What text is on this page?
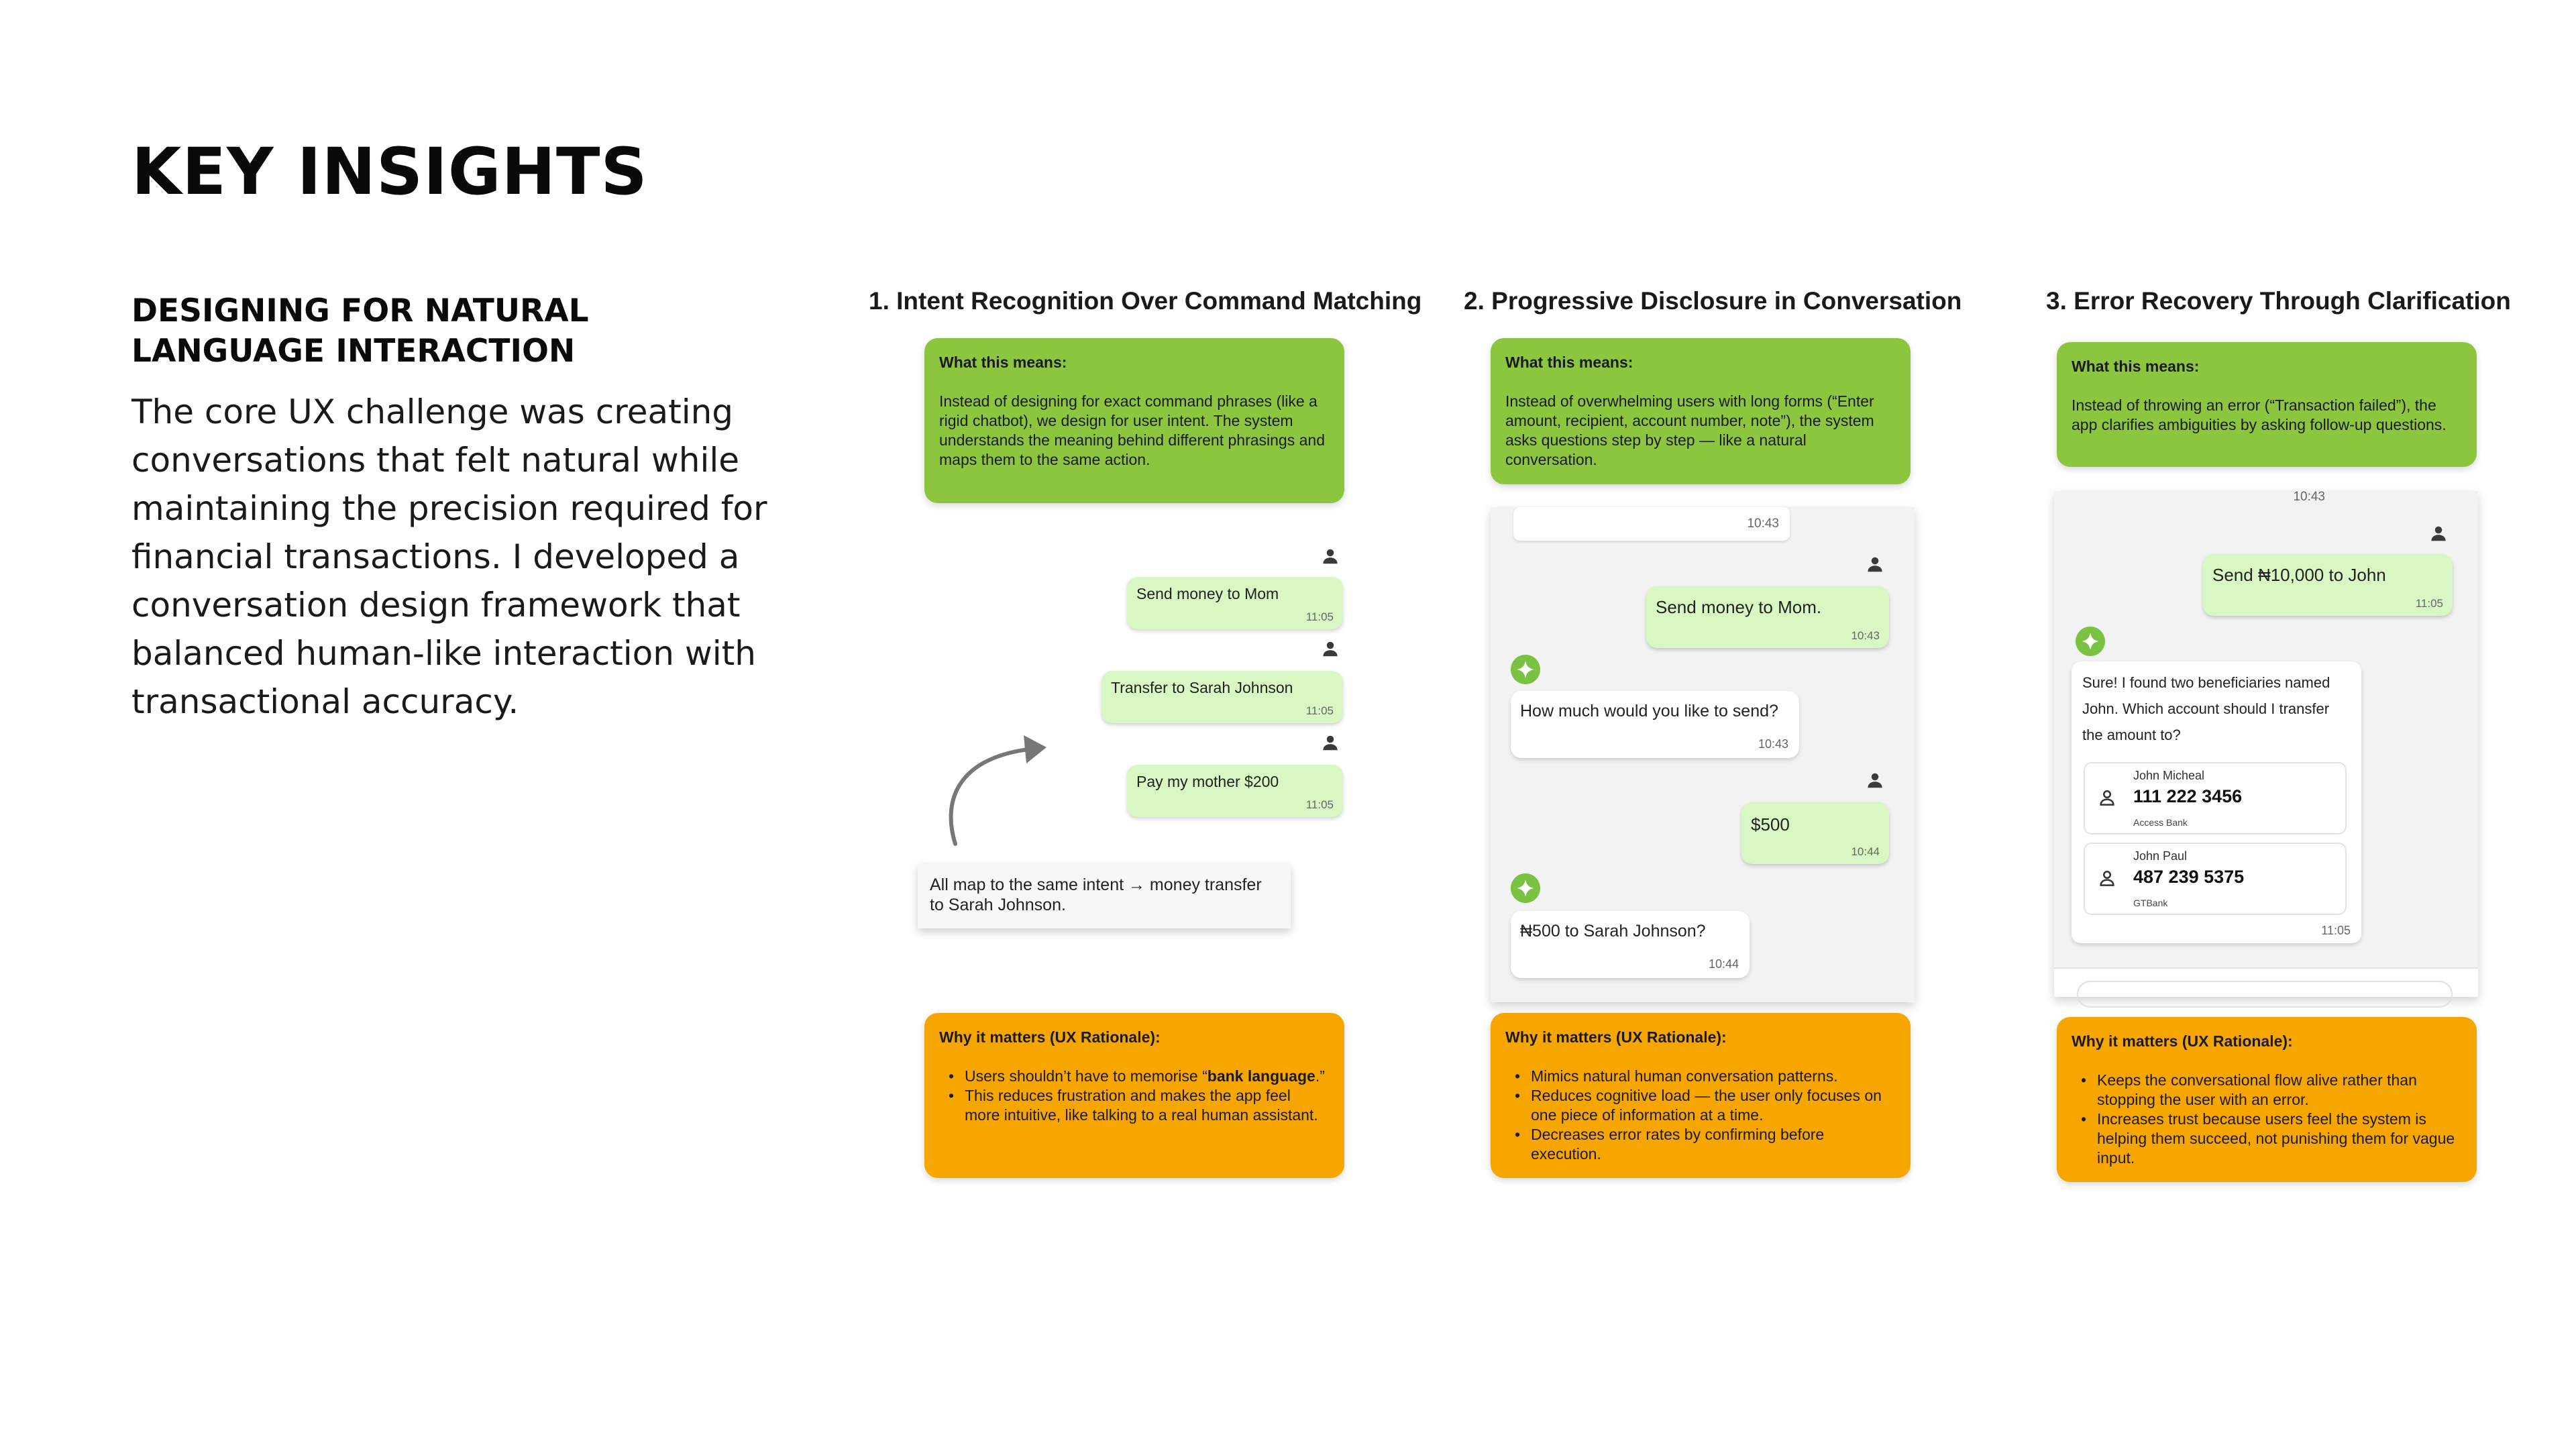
KEY INSIGHTS
DESIGNING FOR NATURAL LANGUAGE INTERACTION
The core UX challenge was creating conversations that felt natural while maintaining the precision required for financial transactions. I developed a conversation design framework that balanced human-like interaction with transactional accuracy.
1. Intent Recognition Over Command Matching
What this means:
Instead of designing for exact command phrases (like a rigid chatbot), we design for user intent. The system understands the meaning behind different phrasings and maps them to the same action.
Send money to Mom
11:05
Transfer to Sarah Johnson
11:05
Pay my mother $200
11:05
All map to the same intent → money transfer to Sarah Johnson.
Why it matters (UX Rationale):
• Users shouldn’t have to memorise “bank language.”
• This reduces frustration and makes the app feel more intuitive, like talking to a real human assistant.
2. Progressive Disclosure in Conversation
What this means:
Instead of overwhelming users with long forms (“Enter amount, recipient, account number, note”), the system asks questions step by step — like a natural conversation.
10:43
Send money to Mom.
10:43
How much would you like to send?
10:43
$500
10:44
₦500 to Sarah Johnson?
10:44
Why it matters (UX Rationale):
• Mimics natural human conversation patterns.
• Reduces cognitive load — the user only focuses on one piece of information at a time.
• Decreases error rates by confirming before execution.
3. Error Recovery Through Clarification
What this means:
Instead of throwing an error (“Transaction failed”), the app clarifies ambiguities by asking follow-up questions.
10:43
Send ₦10,000 to John
11:05
Sure! I found two beneficiaries named John. Which account should I transfer the amount to?
John Micheal
111 222 3456
Access Bank
John Paul
487 239 5375
GTBank
11:05
Why it matters (UX Rationale):
• Keeps the conversational flow alive rather than stopping the user with an error.
• Increases trust because users feel the system is helping them succeed, not punishing them for vague input.
